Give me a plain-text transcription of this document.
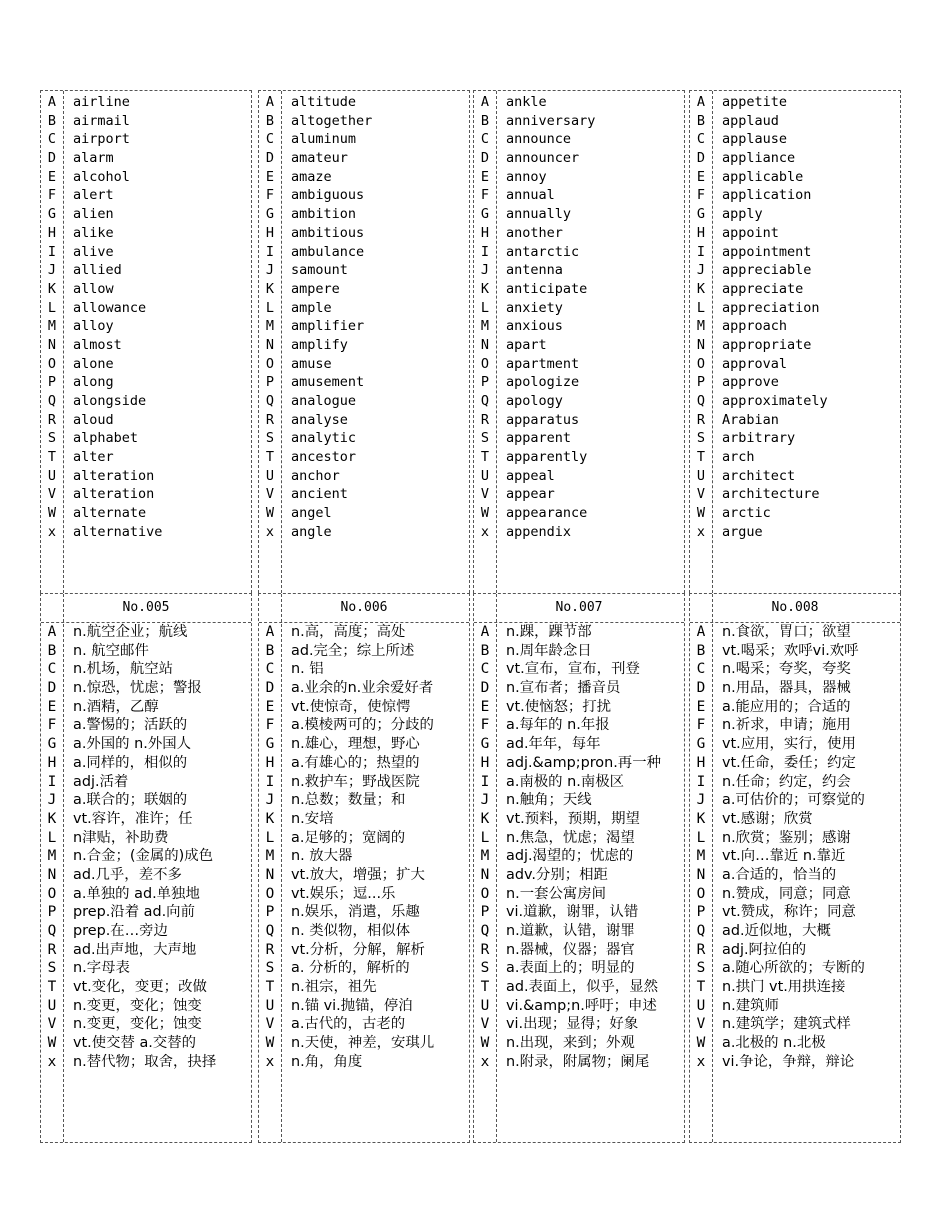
A airline
B airmail
C airport
D alarm
E alcohol
F alert
G alien
H alike
I alive
J allied
K allow
L allowance
M alloy
N almost
O alone
P along
Q alongside
R aloud
S alphabet
T alter
U alteration
V alteration
W alternate
x alternative
A altitude
B altogether
C aluminum
D amateur
E amaze
F ambiguous
G ambition
H ambitious
I ambulance
J samount
K ampere
L ample
M amplifier
N amplify
O amuse
P amusement
Q analogue
R analyse
S analytic
T ancestor
U anchor
V ancient
W angel
x angle
A ankle
B anniversary
C announce
D announcer
E annoy
F annual
G annually
H another
I antarctic
J antenna
K anticipate
L anxiety
M anxious
N apart
O apartment
P apologize
Q apology
R apparatus
S apparent
T apparently
U appeal
V appear
W appearance
x appendix
A appetite
B applaud
C applause
D appliance
E applicable
F application
G apply
H appoint
I appointment
J appreciable
K appreciate
L appreciation
M approach
N appropriate
O approval
P approve
Q approximately
R Arabian
S arbitrary
T arch
U architect
V architecture
W arctic
x argue
No.005
A n.航空企业；航线
B n. 航空邮件
C n.机场，航空站
D n.惊恐，忧虑；警报
E n.酒精，乙醇
F a.警惕的；活跃的
G a.外国的 n.外国人
H a.同样的，相似的
I adj.活着
J a.联合的；联姻的
K vt.容许，准许；任
L n津贴，补助费
M n.合金；(金属的)成色
N ad.几乎，差不多
O a.单独的 ad.单独地
P prep.沿着 ad.向前
Q prep.在…旁边
R ad.出声地，大声地
S n.字母表
T vt.变化，变更；改做
U n.变更，变化；蚀变
V n.变更，变化；蚀变
W vt.使交替 a.交替的
x n.替代物；取舍，抉择
No.006
A n.高，高度；高处
B ad.完全；综上所述
C n. 铝
D a.业余的n.业余爱好者
E vt.使惊奇，使惊愕
F a.模棱两可的；分歧的
G n.雄心，理想，野心
H a.有雄心的；热望的
I n.救护车；野战医院
J n.总数；数量；和
K n.安培
L a.足够的；宽阔的
M n. 放大器
N vt.放大，增强；扩大
O vt.娱乐；逗...乐
P n.娱乐，消遣，乐趣
Q n. 类似物，相似体
R vt.分析，分解，解析
S a. 分析的，解析的
T n.祖宗，祖先
U n.锚 vi.抛锚，停泊
V a.古代的，古老的
W n.天使，神差，安琪儿
x n.角，角度
No.007
A n.踝，踝节部
B n.周年龄念日
C vt.宣布，宣布，刊登
D n.宣布者；播音员
E vt.使恼怒；打扰
F a.每年的 n.年报
G ad.年年，每年
H adj.&amp;pron.再一种
I a.南极的 n.南极区
J n.触角；天线
K vt.预料，预期，期望
L n.焦急，忧虑；渴望
M adj.渴望的；忧虑的
N adv.分别；相距
O n.一套公寓房间
P vi.道歉，谢罪，认错
Q n.道歉，认错，谢罪
R n.器械，仪器；器官
S a.表面上的；明显的
T ad.表面上，似乎，显然
U vi.&amp;n.呼吁；申述
V vi.出现；显得；好象
W n.出现，来到；外观
x n.附录，附属物；阑尾
No.008
A n.食欲，胃口；欲望
B vt.喝采；欢呼vi.欢呼
C n.喝采；夸奖，夸奖
D n.用品，器具，器械
E a.能应用的；合适的
F n.祈求，申请；施用
G vt.应用，实行，使用
H vt.任命，委任；约定
I n.任命；约定，约会
J a.可估价的；可察觉的
K vt.感谢；欣赏
L n.欣赏；鉴别；感谢
M vt.向…靠近 n.靠近
N a.合适的，恰当的
O n.赞成，同意；同意
P vt.赞成，称许；同意
Q ad.近似地，大概
R adj.阿拉伯的
S a.随心所欲的；专断的
T n.拱门 vt.用拱连接
U n.建筑师
V n.建筑学；建筑式样
W a.北极的 n.北极
x vi.争论，争辩，辩论
